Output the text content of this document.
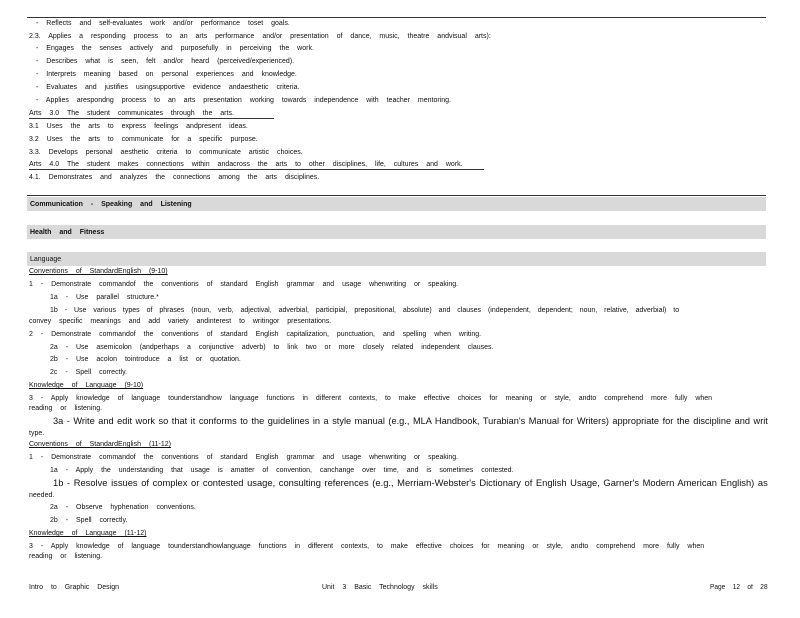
- Reflects and self-evaluates work and/or performance toset goals.
2.3. Applies a responding process to an arts performance and/or presentation of dance, music, theatre andvisual arts):
- Engages the senses actively and purposefully in perceiving the work.
- Describes what is seen, felt and/or heard (perceived/experienced).
- Interprets meaning based on personal experiences and knowledge.
- Evaluates and justifies usingsupportive evidence andaesthetic criteria.
- Applies arespondng process to an arts presentation working towards independence with teacher mentoring.
Arts 3.0 The student communicates through the arts.
3.1 Uses the arts to express feelings andpresent ideas.
3.2 Uses the arts to communicate for a specific purpose.
3.3. Develops personal aesthetic criteria to communicate artistic choices.
Arts 4.0 The student makes connections within andacross the arts to other disciplines, life, cultures and work.
4.1. Demonstrates and analyzes the connections among the arts disciplines.
Communication - Speaking and Listening
Health and Fitness
Language
Conventions of StandardEnglish (9-10)
1 - Demonstrate commandof the conventions of standard English grammar and usage whenwriting or speaking.
1a - Use parallel structure.*
1b - Use various types of phrases (noun, verb, adjectival, adverbial, participial, prepositional, absolute) and clauses (independent, dependent; noun, relative, adverbial) to
convey specific meanings and add variety andinterest to writingor presentations.
2 - Demonstrate commandof the conventions of standard English capitalization, punctuation, and spelling when writing.
2a - Use asemicolon (andperhaps a conjunctive adverb) to link two or more closely related independent clauses.
2b - Use acolon tointroduce a list or quotation.
2c - Spell correctly.
Knowledge of Language (9-10)
3 - Apply knowledge of language tounderstandhow language functions in different contexts, to make effective choices for meaning or style, andto comprehend more fully when
reading or listening.
3a - Write and edit work so that it conforms to the guidelines in a style manual (e.g., MLA Handbook, Turabian's Manual for Writers) appropriate for the discipline and writ
type.
Conventions of StandardEnglish (11-12)
1 - Demonstrate commandof the conventions of standard English grammar and usage whenwriting or speaking.
1a - Apply the understanding that usage is amatter of convention, canchange over time, and is sometimes contested.
1b - Resolve issues of complex or contested usage, consulting references (e.g., Merriam-Webster's Dictionary of English Usage, Garner's Modern American English) as
needed.
2a - Observe hyphenation conventions.
2b - Spell correctly.
Knowledge of Language (11-12)
3 - Apply knowledge of language tounderstandhowlanguage functions in different contexts, to make effective choices for meaning or style, andto comprehend more fully when
reading or listening.
Intro to Graphic Design	Unit 3 Basic Technology skills	Page 12 of 28
